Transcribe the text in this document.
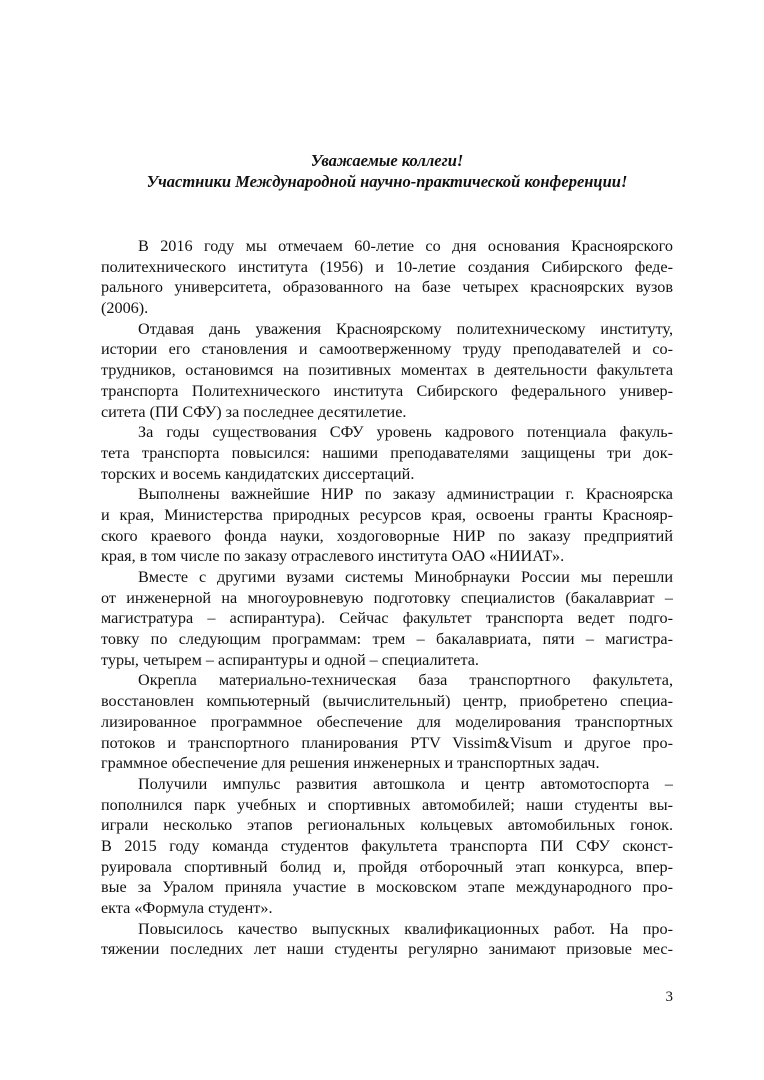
Уважаемые коллеги!
Участники Международной научно-практической конференции!
В 2016 году мы отмечаем 60-летие со дня основания Красноярского
политехнического института (1956) и 10-летие создания Сибирского феде-
рального университета, образованного на базе четырех красноярских вузов
(2006).
Отдавая дань уважения Красноярскому политехническому институту,
истории его становления и самоотверженному труду преподавателей и со-
трудников, остановимся на позитивных моментах в деятельности факультета
транспорта Политехнического института Сибирского федерального универ-
ситета (ПИ СФУ) за последнее десятилетие.
За годы существования СФУ уровень кадрового потенциала факуль-
тета транспорта повысился: нашими преподавателями защищены три док-
торских и восемь кандидатских диссертаций.
Выполнены важнейшие НИР по заказу администрации г. Красноярска
и края, Министерства природных ресурсов края, освоены гранты Краснояр-
ского краевого фонда науки, хоздоговорные НИР по заказу предприятий
края, в том числе по заказу отраслевого института ОАО «НИИАТ».
Вместе с другими вузами системы Минобрнауки России мы перешли
от инженерной на многоуровневую подготовку специалистов (бакалавриат –
магистратура – аспирантура). Сейчас факультет транспорта ведет подго-
товку по следующим программам: трем – бакалавриата, пяти – магистра-
туры, четырем – аспирантуры и одной – специалитета.
Окрепла материально-техническая база транспортного факультета,
восстановлен компьютерный (вычислительный) центр, приобретено специа-
лизированное программное обеспечение для моделирования транспортных
потоков и транспортного планирования PTV Vissim&Visum и другое про-
граммное обеспечение для решения инженерных и транспортных задач.
Получили импульс развития автошкола и центр автомотоспорта –
пополнился парк учебных и спортивных автомобилей; наши студенты вы-
играли несколько этапов региональных кольцевых автомобильных гонок.
В 2015 году команда студентов факультета транспорта ПИ СФУ сконст-
руировала спортивный болид и, пройдя отборочный этап конкурса, впер-
вые за Уралом приняла участие в московском этапе международного про-
екта «Формула студент».
Повысилось качество выпускных квалификационных работ. На про-
тяжении последних лет наши студенты регулярно занимают призовые мес-
3
